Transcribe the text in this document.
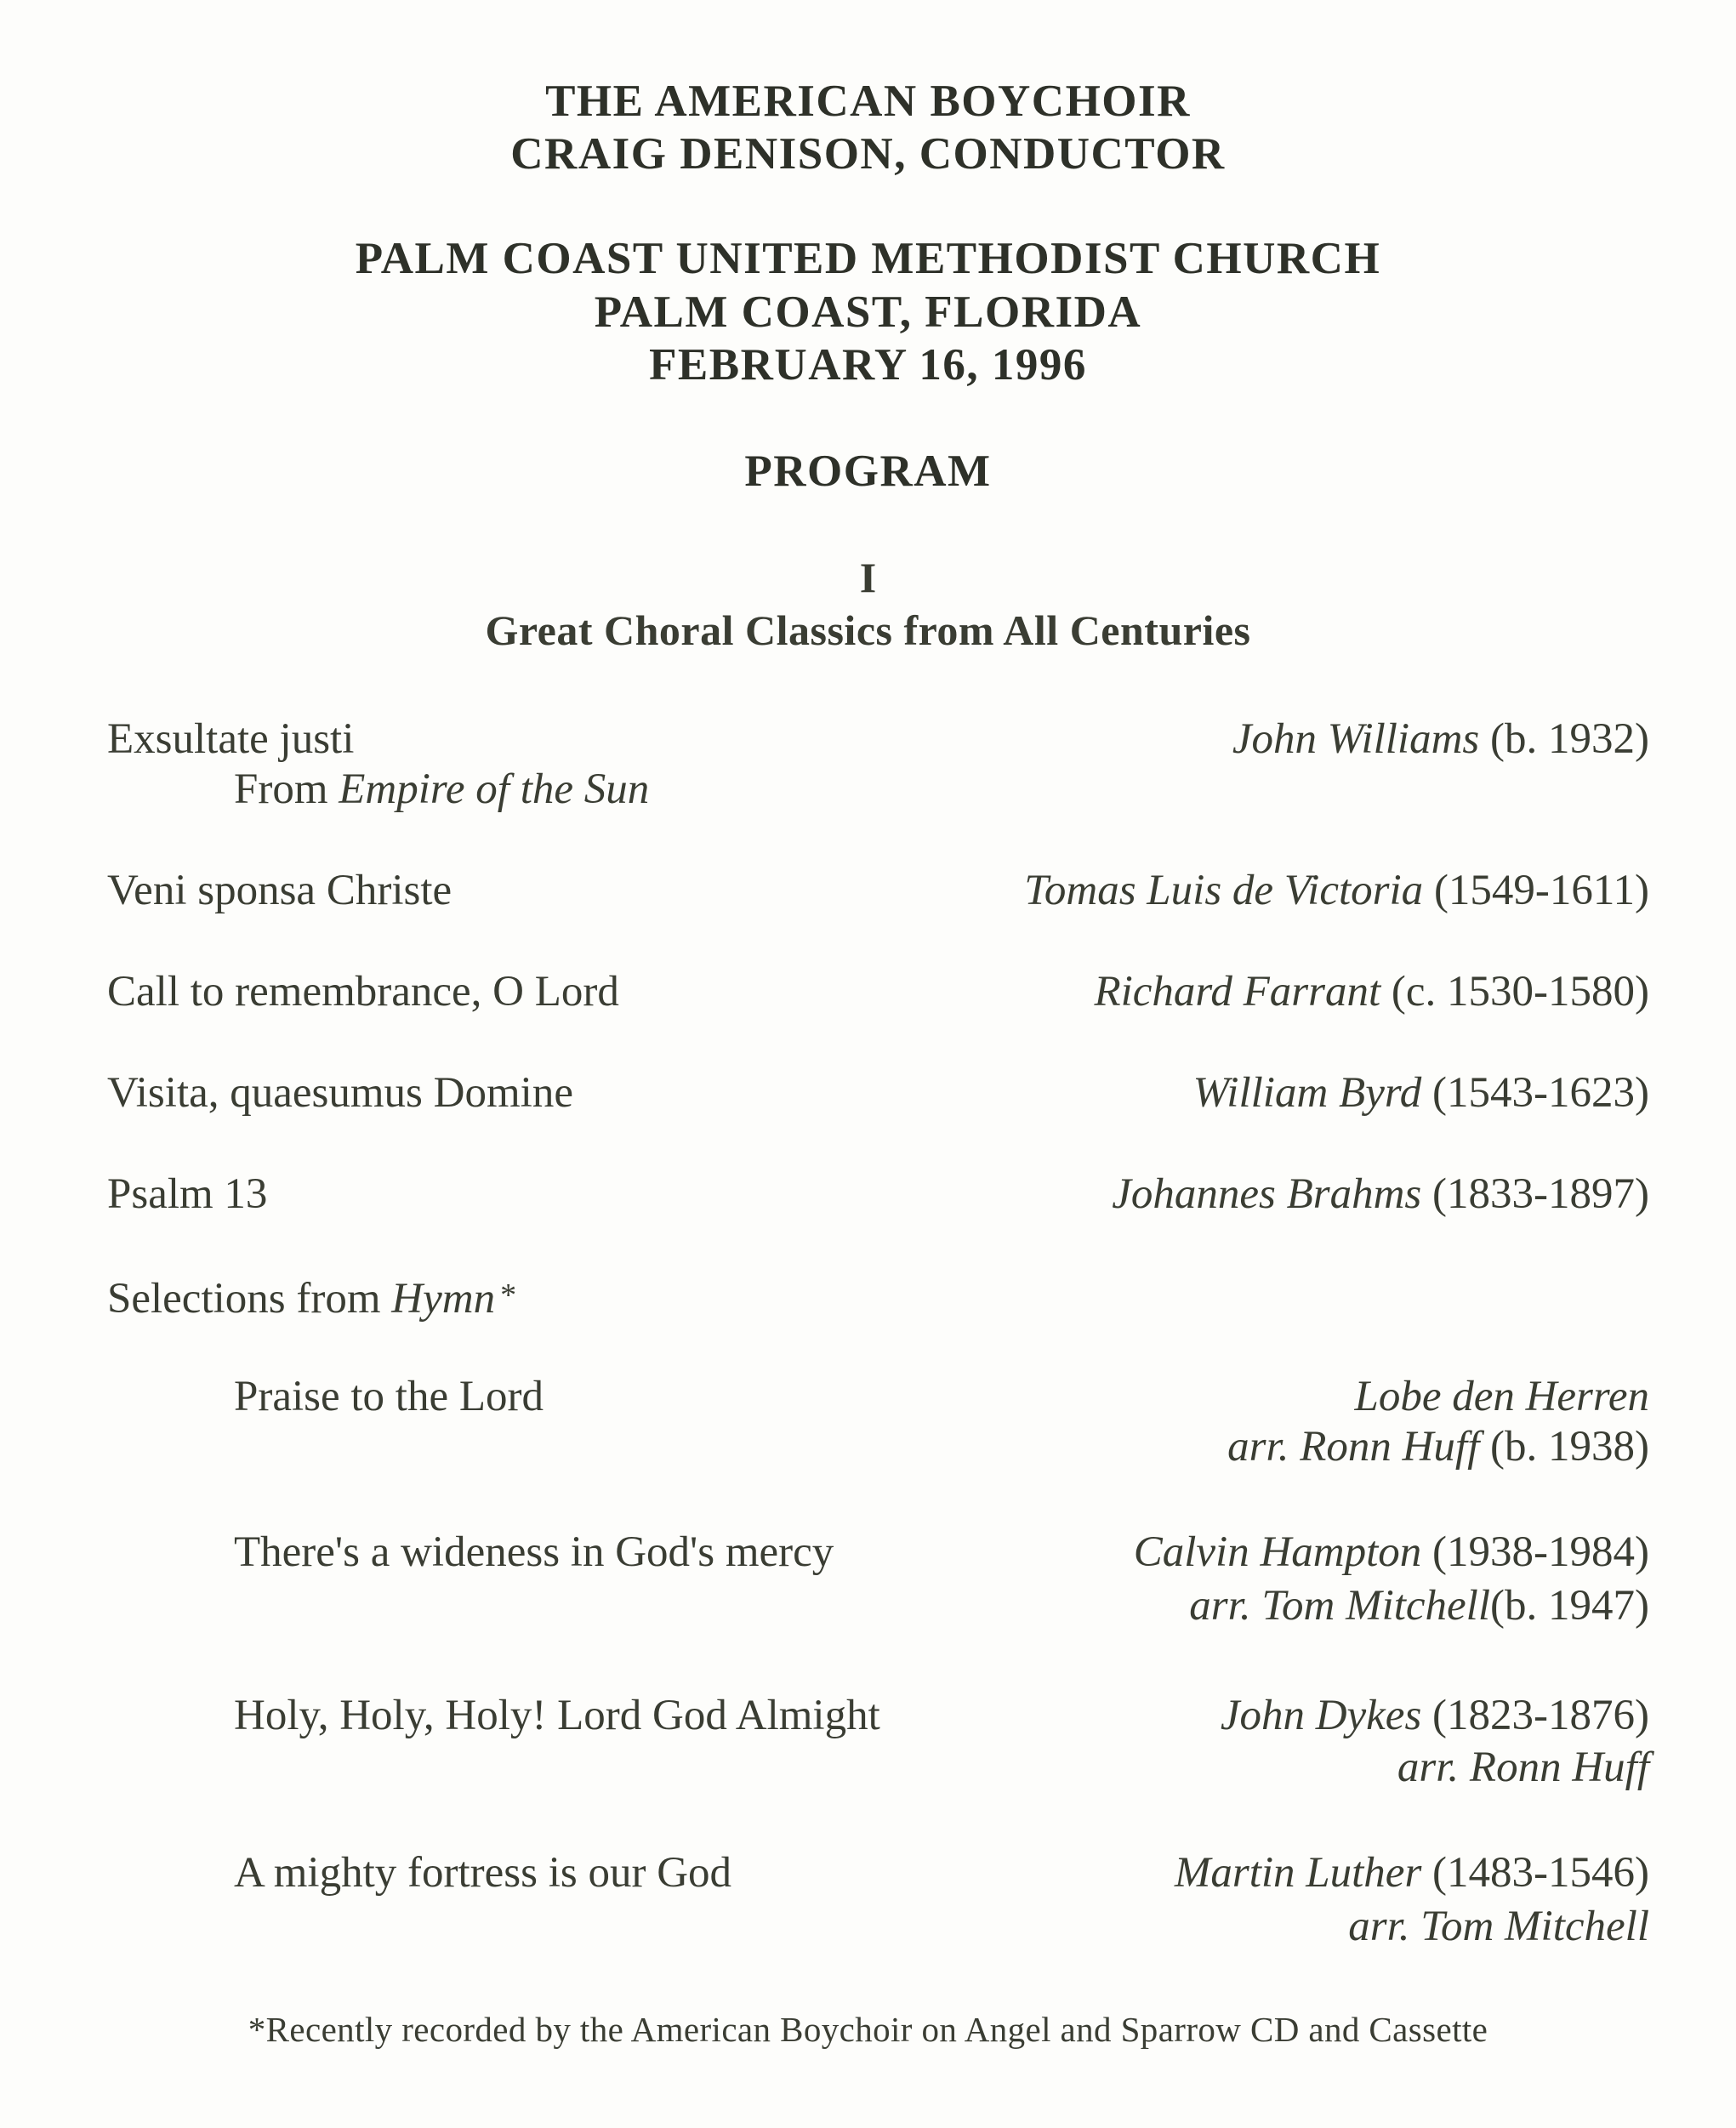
THE AMERICAN BOYCHOIR
CRAIG DENISON, CONDUCTOR
PALM COAST UNITED METHODIST CHURCH
PALM COAST, FLORIDA
FEBRUARY 16, 1996
PROGRAM
I
Great Choral Classics from All Centuries
Exsultate justi	John Williams (b. 1932)
From Empire of the Sun
Veni sponsa Christe	Tomas Luis de Victoria (1549-1611)
Call to remembrance, O Lord	Richard Farrant (c. 1530-1580)
Visita, quaesumus Domine	William Byrd (1543-1623)
Psalm 13	Johannes Brahms (1833-1897)
Selections from Hymn *
Praise to the Lord	Lobe den Herren
arr. Ronn Huff (b. 1938)
There's a wideness in God's mercy	Calvin Hampton (1938-1984)
arr. Tom Mitchell(b. 1947)
Holy, Holy, Holy! Lord God Almight	John Dykes (1823-1876)
arr. Ronn Huff
A mighty fortress is our God	Martin Luther (1483-1546)
arr. Tom Mitchell
*Recently recorded by the American Boychoir on Angel and Sparrow CD and Cassette
